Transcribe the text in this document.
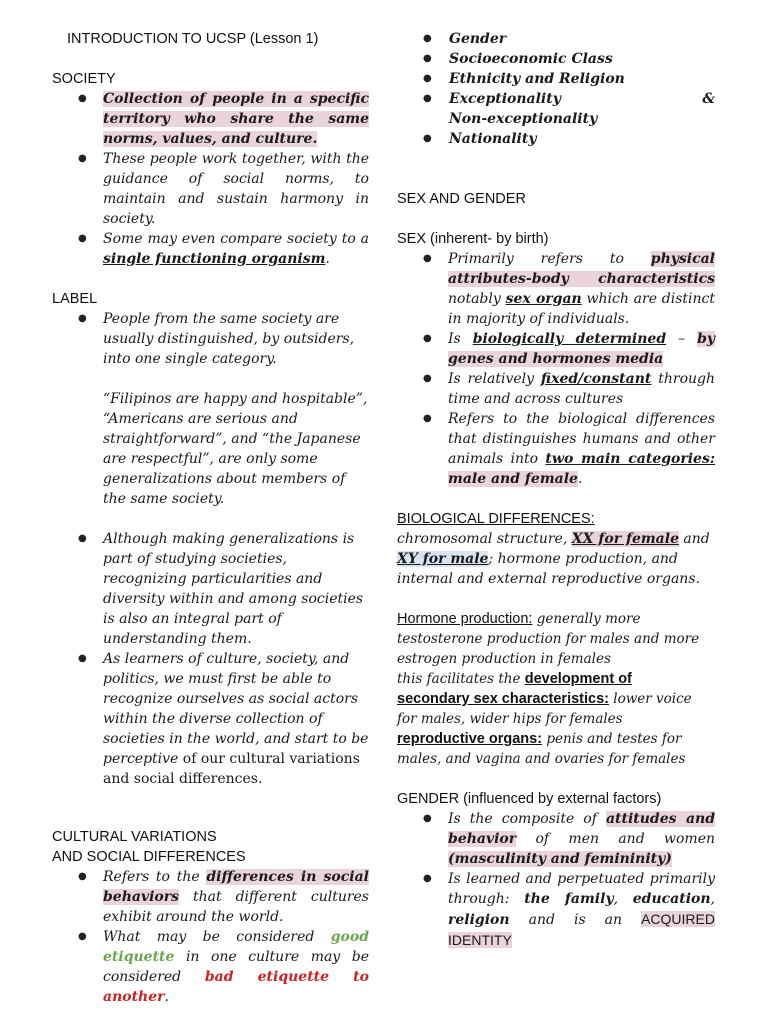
INTRODUCTION TO UCSP (Lesson 1)
SOCIETY
● Collection of people in a specific territory who share the same norms, values, and culture.
● These people work together, with the guidance of social norms, to maintain and sustain harmony in society.
● Some may even compare society to a single functioning organism.
LABEL
● People from the same society are usually distinguished, by outsiders, into one single category.
“Filipinos are happy and hospitable”, “Americans are serious and straightforward”, and “the Japanese are respectful”, are only some generalizations about members of the same society.
● Although making generalizations is part of studying societies, recognizing particularities and diversity within and among societies is also an integral part of understanding them.
● As learners of culture, society, and politics, we must first be able to recognize ourselves as social actors within the diverse collection of societies in the world, and start to be perceptive of our cultural variations and social differences.
CULTURAL VARIATIONS
AND SOCIAL DIFFERENCES
● Refers to the differences in social behaviors that different cultures exhibit around the world.
● What may be considered good etiquette in one culture may be considered bad etiquette to another.
● Gender
● Socioeconomic Class
● Ethnicity and Religion
● Exceptionality	&
Non-exceptionality
● Nationality
SEX AND GENDER
SEX (inherent- by birth)
● Primarily refers to physical attributes-body characteristics notably sex organ which are distinct in majority of individuals.
● Is biologically determined – by genes and hormones media
● Is relatively fixed/constant through time and across cultures
● Refers to the biological differences that distinguishes humans and other animals into two main categories: male and female.
BIOLOGICAL DIFFERENCES:
chromosomal structure, XX for female and
XY for male; hormone production, and internal and external reproductive organs.
Hormone production: generally more testosterone production for males and more estrogen production in females
this facilitates the development of
secondary sex characteristics: lower voice for males, wider hips for females
reproductive organs: penis and testes for males, and vagina and ovaries for females
GENDER (influenced by external factors)
● Is the composite of attitudes and behavior of men and women (masculinity and femininity)
● Is learned and perpetuated primarily through: the family, education, religion and is an ACQUIRED IDENTITY
